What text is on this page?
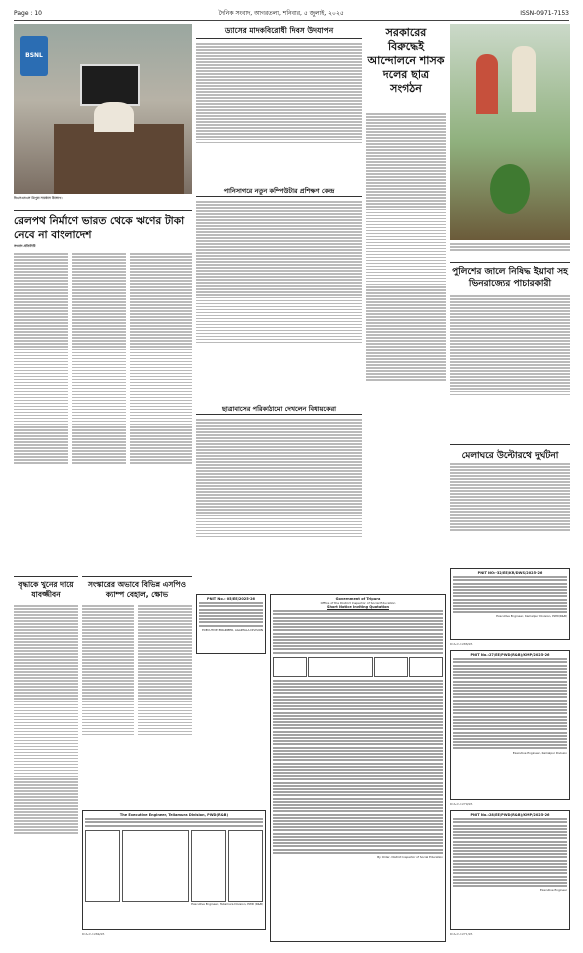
Page : 10	দৈনিক সংবাদ, আগরতলা, শনিবার, ৫ জুলাই, ২০২৫	ISSN-0971-7153
BSNL
বিএসএনএল ত্রিপুরা সার্কেলে উদ্যোগ।
ড্যাসের মাদকবিরোধী দিবস উদযাপন	সরকারের বিরুদ্ধেই আন্দোলনে শাসক দলের ছাত্র সংগঠন
রেলপথ নির্মাণে ভারত থেকে ঋণের টাকা নেবে না বাংলাদেশ
সংবাদ প্রতিনিধি
পানিসাগরে নতুন কম্পিউটার প্রশিক্ষণ কেন্দ্র
ছাত্রাবাসের পরিকাঠামো দেখলেন বিধায়কেরা
পুলিশের জালে নিষিদ্ধ ইয়াবা সহ ভিনরাজ্যের পাচারকারী
মেলাঘরে উল্টোরথে দুর্ঘটনা
বৃদ্ধাকে খুনের দায়ে যাবজ্জীবন
সংস্কারের অভাবে বিভিন্ন এসপিও ক্যাম্প বেহাল, ক্ষোভ	PNIT No.: 05/EE/2025-26
EXECUTIVE ENGINEER, AGARTALA DIVISION
The Executive Engineer, Teliamura Division, PWD(R&B)
Executive Engineer, Teliamura Division, PWD (R&B)
ICA-C-1284/25
Government of Tripura
Office of the District Inspector of Social Education
Short Notice Inviting Quotation
By Order, District Inspector of Social Education
PNIT NO:-32/EE/KR/DWS/2025-26
Executive Engineer, Kamalpur Division, PWD(R&B)
ICA-C-1286/25
PNIT No.:27/EE/PWD(R&B)/KMP/2025-26
Executive Engineer, Kamalpur Division
ICA-C-1270/25
PNIT No.:28/EE/PWD(R&B)/KMP/2025-26
Executive Engineer
ICA-C-1271/25
